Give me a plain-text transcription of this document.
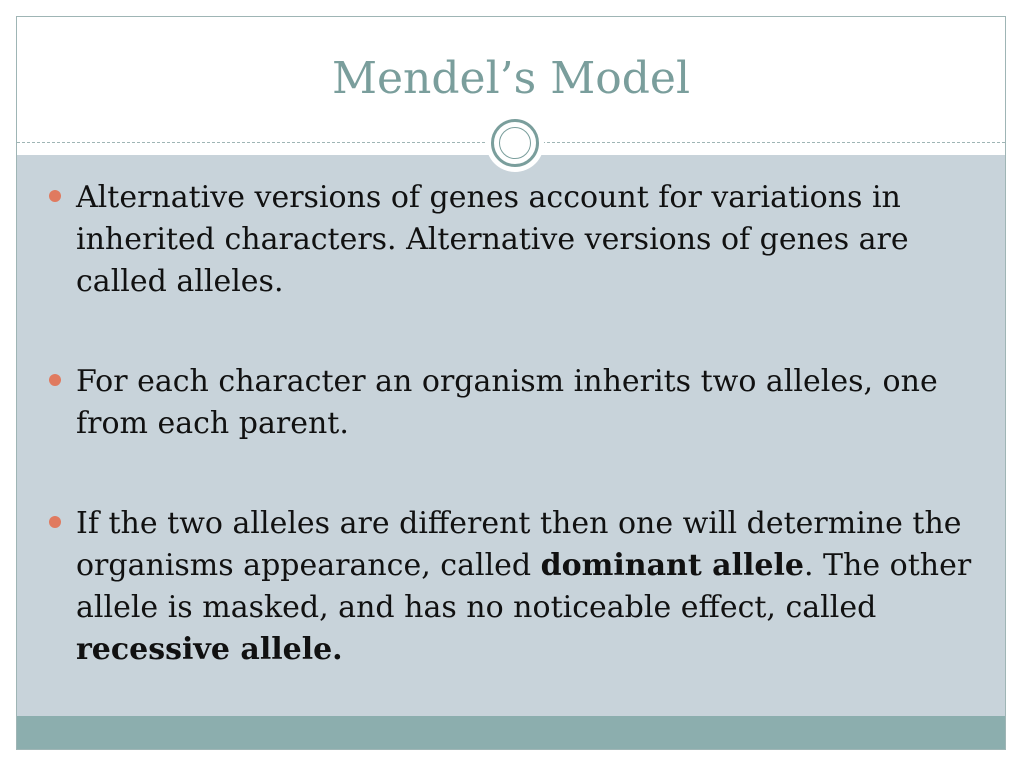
Mendel’s Model
Alternative versions of genes account for variations in inherited characters. Alternative versions of genes are called alleles.
For each character an organism inherits two alleles, one from each parent.
If the two alleles are different then one will determine the organisms appearance, called dominant allele. The other allele is masked, and has no noticeable effect, called recessive allele.
